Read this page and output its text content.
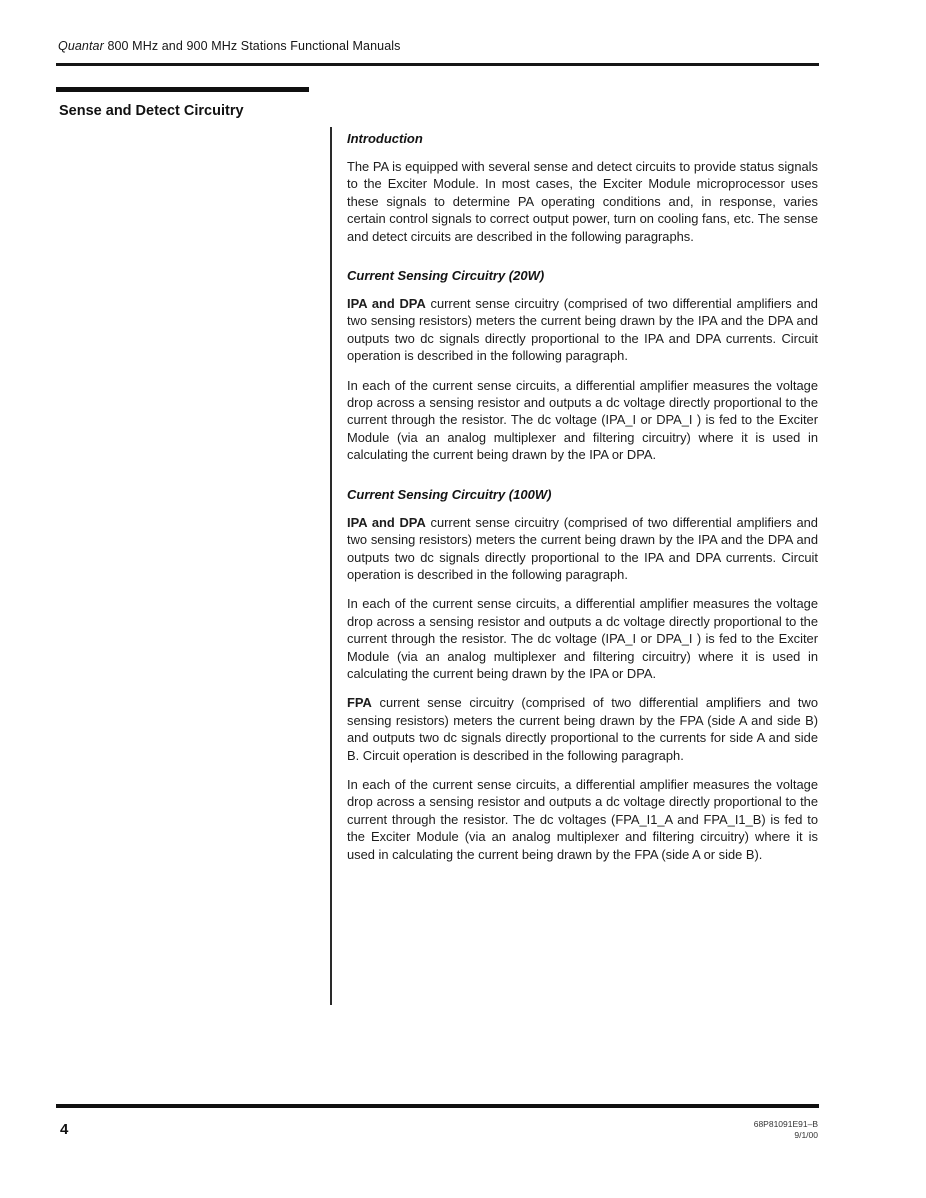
Quantar 800 MHz and 900 MHz Stations Functional Manuals
Sense and Detect Circuitry
Introduction

The PA is equipped with several sense and detect circuits to provide status signals to the Exciter Module. In most cases, the Exciter Module microprocessor uses these signals to determine PA operating conditions and, in response, varies certain control signals to correct output power, turn on cooling fans, etc. The sense and detect circuits are described in the following paragraphs.

Current Sensing Circuitry (20W)

IPA and DPA current sense circuitry (comprised of two differential amplifiers and two sensing resistors) meters the current being drawn by the IPA and the DPA and outputs two dc signals directly proportional to the IPA and DPA currents. Circuit operation is described in the following paragraph.

In each of the current sense circuits, a differential amplifier measures the voltage drop across a sensing resistor and outputs a dc voltage directly proportional to the current through the resistor. The dc voltage (IPA_I or DPA_I ) is fed to the Exciter Module (via an analog multiplexer and filtering circuitry) where it is used in calculating the current being drawn by the IPA or DPA.

Current Sensing Circuitry (100W)

IPA and DPA current sense circuitry (comprised of two differential amplifiers and two sensing resistors) meters the current being drawn by the IPA and the DPA and outputs two dc signals directly proportional to the IPA and DPA currents. Circuit operation is described in the following paragraph.

In each of the current sense circuits, a differential amplifier measures the voltage drop across a sensing resistor and outputs a dc voltage directly proportional to the current through the resistor. The dc voltage (IPA_I or DPA_I ) is fed to the Exciter Module (via an analog multiplexer and filtering circuitry) where it is used in calculating the current being drawn by the IPA or DPA.

FPA current sense circuitry (comprised of two differential amplifiers and two sensing resistors) meters the current being drawn by the FPA (side A and side B) and outputs two dc signals directly proportional to the currents for side A and side B. Circuit operation is described in the following paragraph.

In each of the current sense circuits, a differential amplifier measures the voltage drop across a sensing resistor and outputs a dc voltage directly proportional to the current through the resistor. The dc voltages (FPA_I1_A and FPA_I1_B) is fed to the Exciter Module (via an analog multiplexer and filtering circuitry) where it is used in calculating the current being drawn by the FPA (side A or side B).

4	68P81091E91–B
9/1/00
